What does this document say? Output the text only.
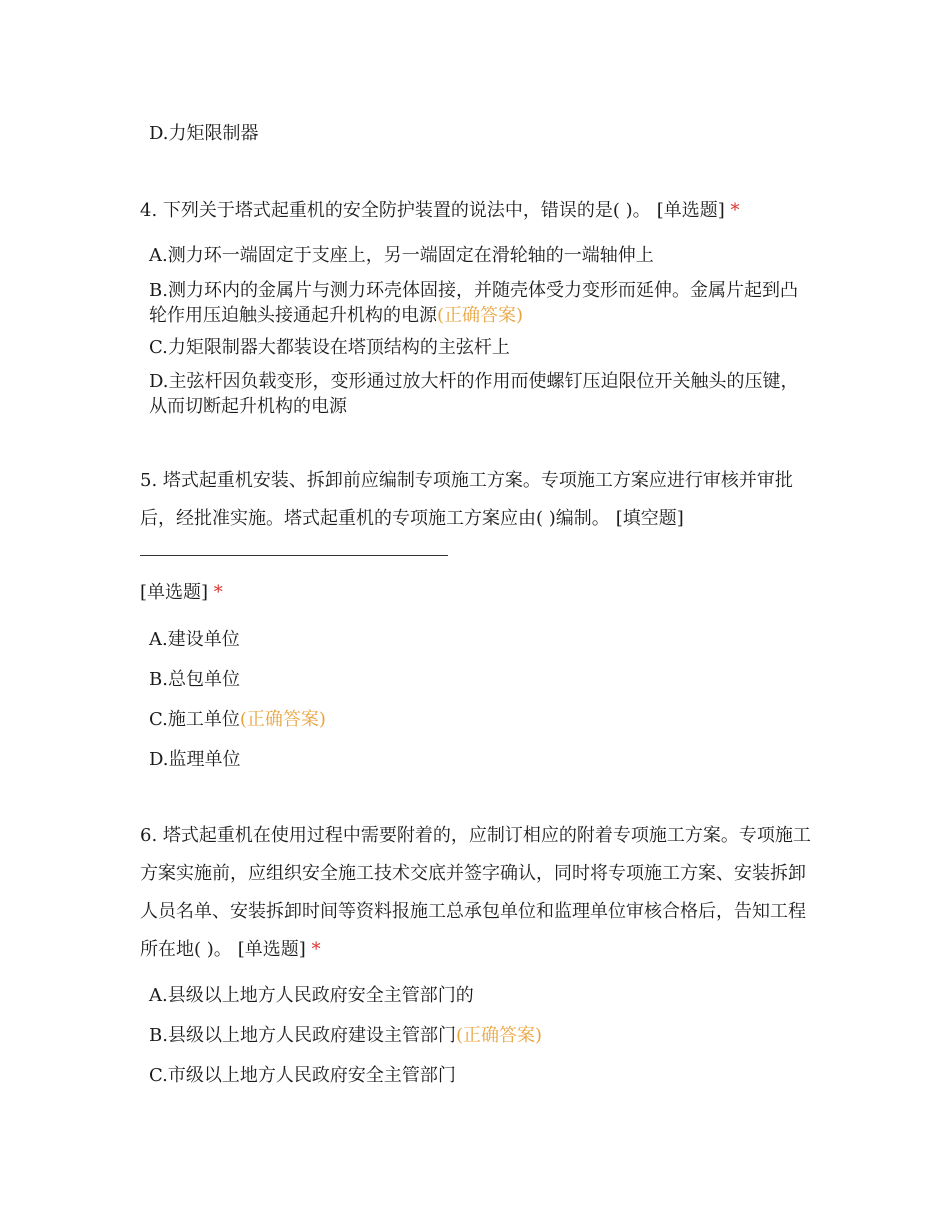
D.力矩限制器

4. 下列关于塔式起重机的安全防护装置的说法中，错误的是( )。 [单选题] *

A.测力环一端固定于支座上，另一端固定在滑轮轴的一端轴伸上

B.测力环内的金属片与测力环壳体固接，并随壳体受力变形而延伸。金属片起到凸轮作用压迫触头接通起升机构的电源(正确答案)

C.力矩限制器大都装设在塔顶结构的主弦杆上

D.主弦杆因负载变形，变形通过放大杆的作用而使螺钉压迫限位开关触头的压键，从而切断起升机构的电源

5. 塔式起重机安装、拆卸前应编制专项施工方案。专项施工方案应进行审核并审批后，经批准实施。塔式起重机的专项施工方案应由( )编制。 [填空题]

[单选题] *

A.建设单位

B.总包单位

C.施工单位(正确答案)

D.监理单位

6. 塔式起重机在使用过程中需要附着的，应制订相应的附着专项施工方案。专项施工方案实施前，应组织安全施工技术交底并签字确认，同时将专项施工方案、安装拆卸人员名单、安装拆卸时间等资料报施工总承包单位和监理单位审核合格后，告知工程所在地( )。 [单选题] *

A.县级以上地方人民政府安全主管部门的

B.县级以上地方人民政府建设主管部门(正确答案)

C.市级以上地方人民政府安全主管部门
